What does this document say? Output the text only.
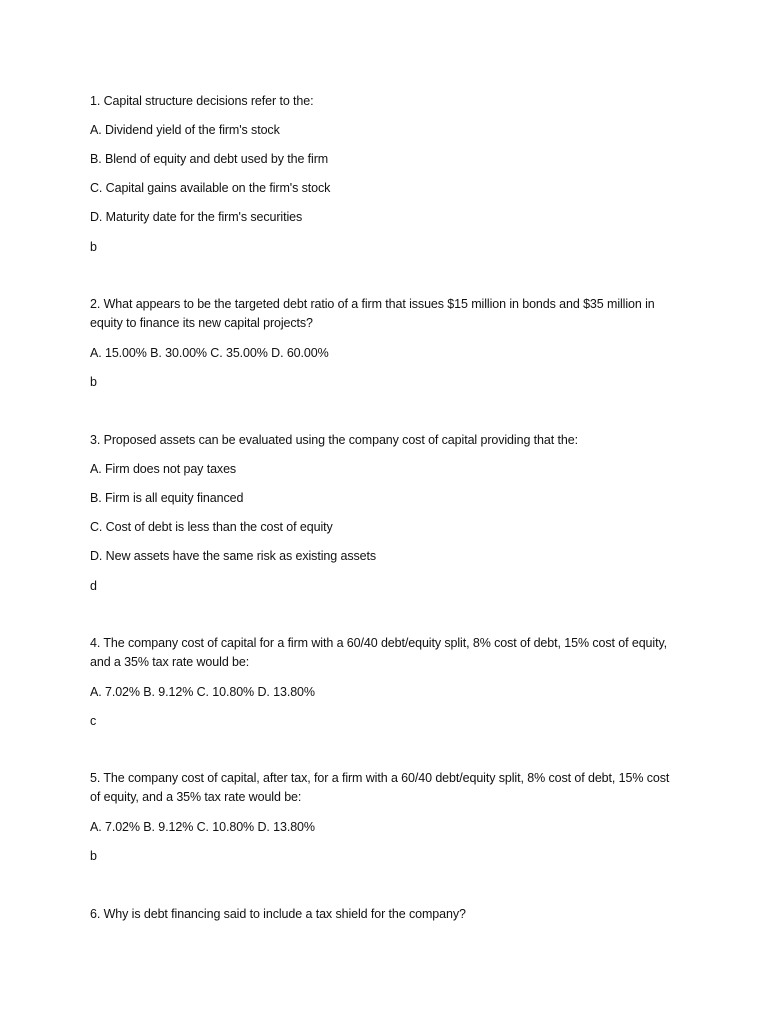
1. Capital structure decisions refer to the:
A. Dividend yield of the firm's stock
B. Blend of equity and debt used by the firm
C. Capital gains available on the firm's stock
D. Maturity date for the firm's securities
b
2. What appears to be the targeted debt ratio of a firm that issues $15 million in bonds and $35 million in equity to finance its new capital projects?
A. 15.00% B. 30.00% C. 35.00% D. 60.00%
b
3. Proposed assets can be evaluated using the company cost of capital providing that the:
A. Firm does not pay taxes
B. Firm is all equity financed
C. Cost of debt is less than the cost of equity
D. New assets have the same risk as existing assets
d
4. The company cost of capital for a firm with a 60/40 debt/equity split, 8% cost of debt, 15% cost of equity, and a 35% tax rate would be:
A. 7.02% B. 9.12% C. 10.80% D. 13.80%
c
5. The company cost of capital, after tax, for a firm with a 60/40 debt/equity split, 8% cost of debt, 15% cost of equity, and a 35% tax rate would be:
A. 7.02% B. 9.12% C. 10.80% D. 13.80%
b
6. Why is debt financing said to include a tax shield for the company?
